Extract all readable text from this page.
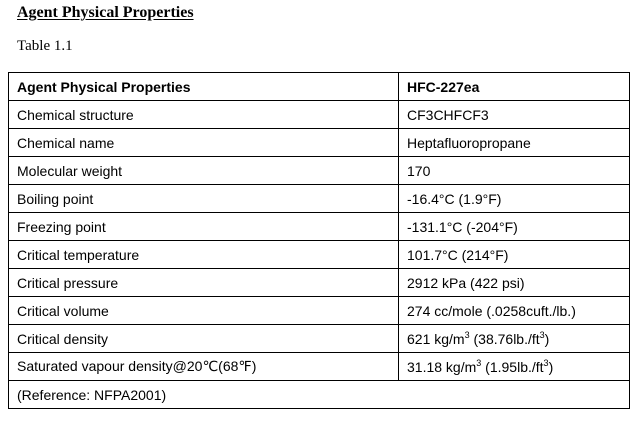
Agent Physical Properties

Table 1.1

Agent Physical Properties	HFC-227ea
Chemical structure	CF3CHFCF3
Chemical name	Heptafluoropropane
Molecular weight	170
Boiling point	-16.4°C (1.9°F)
Freezing point	-131.1°C (-204°F)
Critical temperature	101.7°C (214°F)
Critical pressure	2912 kPa (422 psi)
Critical volume	274 cc/mole (.0258cuft./lb.)
Critical density	621 $kg/m^3$ $(38.76lb./ft^3)$
Saturated vapour density@20℃(68℉)	31.18 $kg/m^3$ $(1.95lb./ft^3)$
(Reference: NFPA2001)	
